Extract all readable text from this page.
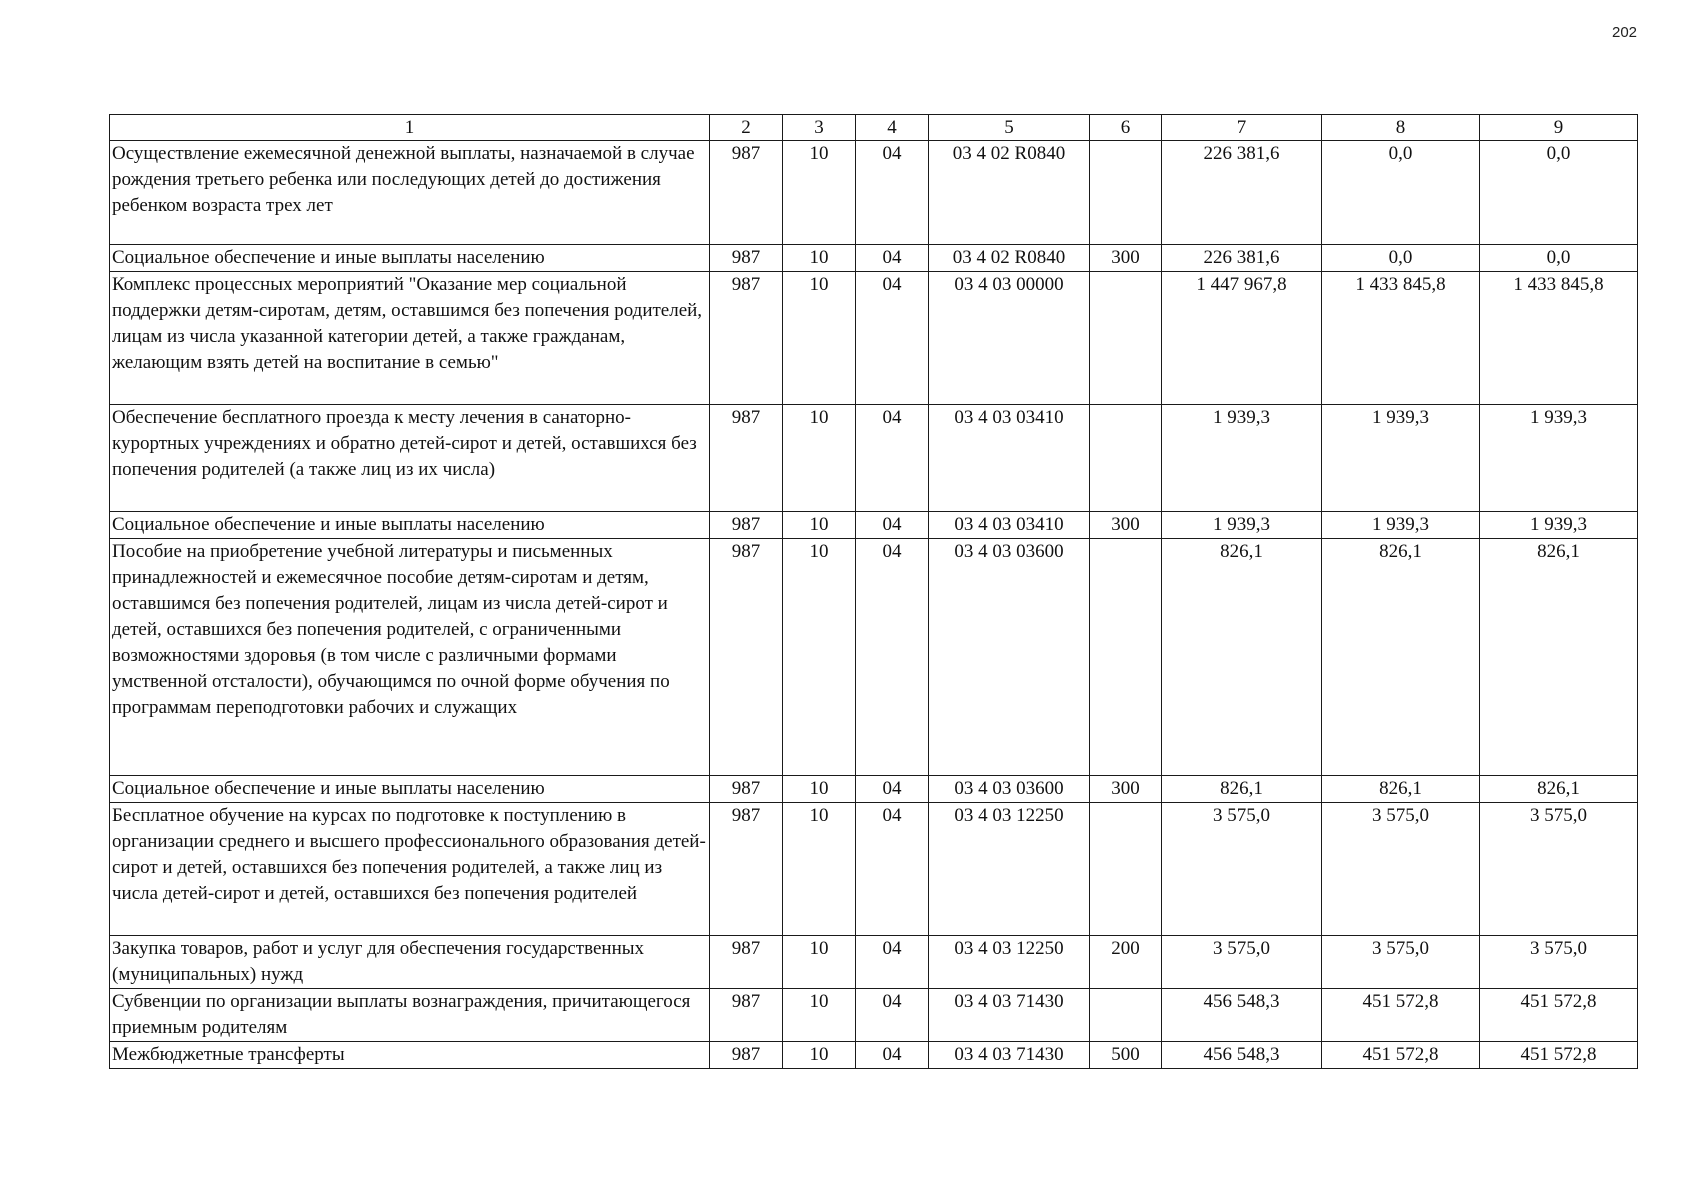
202
1	2	3	4	5	6	7	8	9
Осуществление ежемесячной денежной выплаты, назначаемой в случае рождения третьего ребенка или последующих детей до достижения ребенком возраста трех лет	987	10	04	03 4 02 R0840		226 381,6	0,0	0,0
Социальное обеспечение и иные выплаты населению	987	10	04	03 4 02 R0840	300	226 381,6	0,0	0,0
Комплекс процессных мероприятий "Оказание мер социальной поддержки детям-сиротам, детям, оставшимся без попечения родителей, лицам из числа указанной категории детей, а также гражданам, желающим взять детей на воспитание в семью"	987	10	04	03 4 03 00000		1 447 967,8	1 433 845,8	1 433 845,8
Обеспечение бесплатного проезда к месту лечения в санаторно-курортных учреждениях и обратно детей-сирот и детей, оставшихся без попечения родителей (а также лиц из их числа)	987	10	04	03 4 03 03410		1 939,3	1 939,3	1 939,3
Социальное обеспечение и иные выплаты населению	987	10	04	03 4 03 03410	300	1 939,3	1 939,3	1 939,3
Пособие на приобретение учебной литературы и письменных принадлежностей и ежемесячное пособие детям-сиротам и детям, оставшимся без попечения родителей, лицам из числа детей-сирот и детей, оставшихся без попечения родителей, с ограниченными возможностями здоровья (в том числе с различными формами умственной отсталости), обучающимся по очной форме обучения по программам переподготовки рабочих и служащих	987	10	04	03 4 03 03600		826,1	826,1	826,1
Социальное обеспечение и иные выплаты населению	987	10	04	03 4 03 03600	300	826,1	826,1	826,1
Бесплатное обучение на курсах по подготовке к поступлению в организации среднего и высшего профессионального образования детей-сирот и детей, оставшихся без попечения родителей, а также лиц из числа детей-сирот и детей, оставшихся без попечения родителей	987	10	04	03 4 03 12250		3 575,0	3 575,0	3 575,0
Закупка товаров, работ и услуг для обеспечения государственных (муниципальных) нужд	987	10	04	03 4 03 12250	200	3 575,0	3 575,0	3 575,0
Субвенции по организации выплаты вознаграждения, причитающегося приемным родителям	987	10	04	03 4 03 71430		456 548,3	451 572,8	451 572,8
Межбюджетные трансферты	987	10	04	03 4 03 71430	500	456 548,3	451 572,8	451 572,8
